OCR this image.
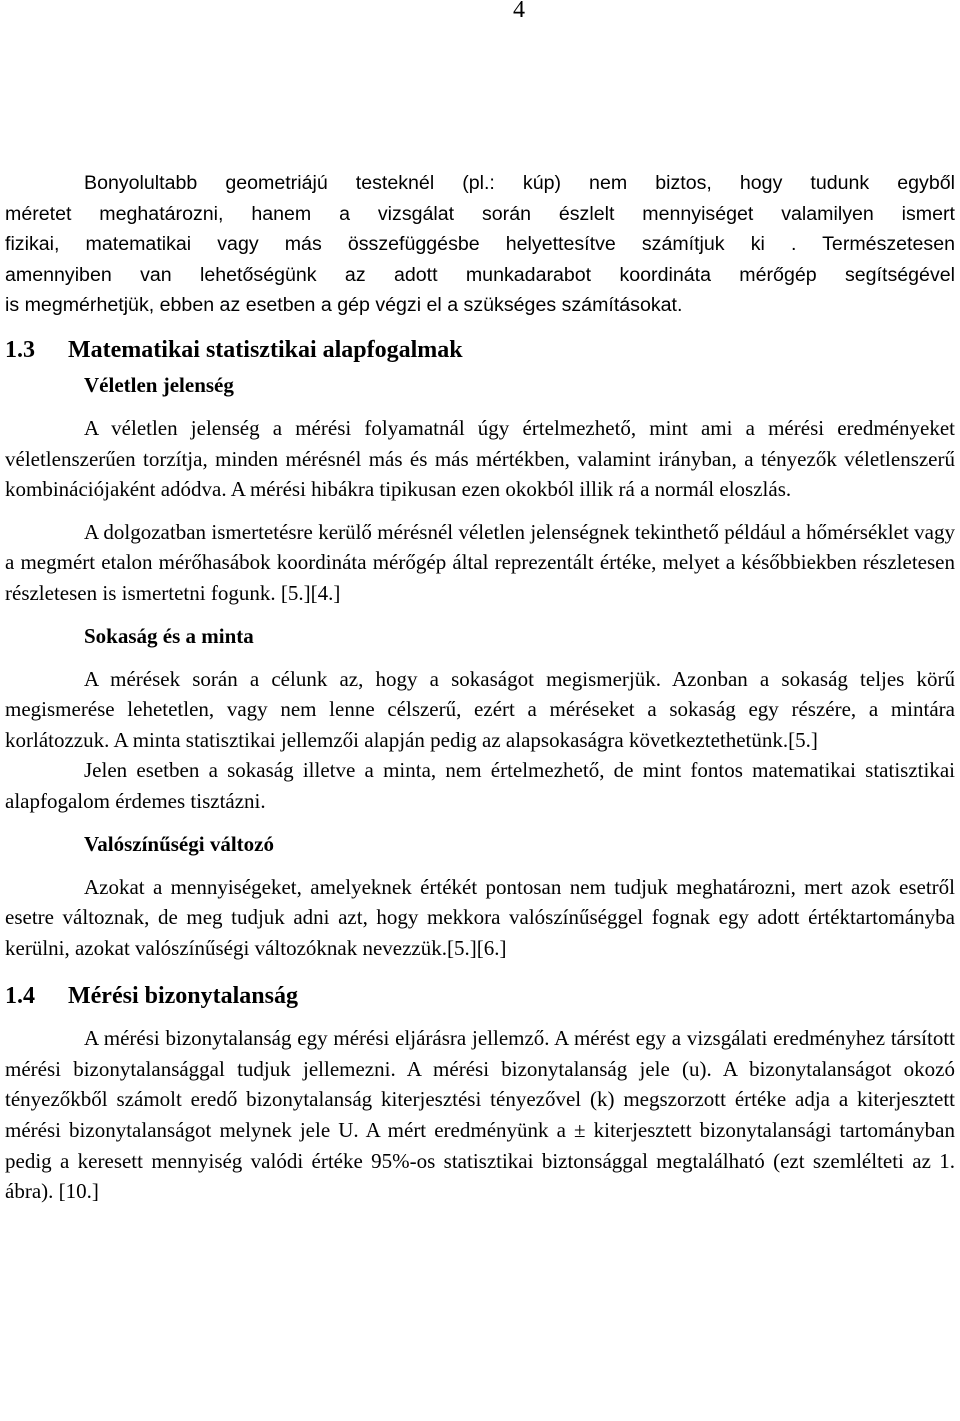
4

Bonyolultabb geometriájú testeknél (pl.: kúp) nem biztos, hogy tudunk egyből
méretet meghatározni, hanem a vizsgálat során észlelt mennyiséget valamilyen ismert
fizikai, matematikai vagy más összefüggésbe helyettesítve számítjuk ki . Természetesen
amennyiben van lehetőségünk az adott munkadarabot koordináta mérőgép segítségével
is megmérhetjük, ebben az esetben a gép végzi el a szükséges számításokat.

1.3 Matematikai statisztikai alapfogalmak
Véletlen jelenség

A véletlen jelenség a mérési folyamatnál úgy értelmezhető, mint ami a mérési eredményeket véletlenszerűen torzítja, minden mérésnél más és más mértékben, valamint irányban, a tényezők véletlenszerű kombinációjaként adódva. A mérési hibákra tipikusan ezen okokból illik rá a normál eloszlás.

A dolgozatban ismertetésre kerülő mérésnél véletlen jelenségnek tekinthető például a hőmérséklet vagy a megmért etalon mérőhasábok koordináta mérőgép által reprezentált értéke, melyet a későbbiekben részletesen részletesen is ismertetni fogunk. [5.][4.]

Sokaság és a minta

A mérések során a célunk az, hogy a sokaságot megismerjük. Azonban a sokaság teljes körű megismerése lehetetlen, vagy nem lenne célszerű, ezért a méréseket a sokaság egy részére, a mintára korlátozzuk. A minta statisztikai jellemzői alapján pedig az alapsokaságra következtethetünk.[5.]

Jelen esetben a sokaság illetve a minta, nem értelmezhető, de mint fontos matematikai statisztikai alapfogalom érdemes tisztázni.

Valószínűségi változó

Azokat a mennyiségeket, amelyeknek értékét pontosan nem tudjuk meghatározni, mert azok esetről esetre változnak, de meg tudjuk adni azt, hogy mekkora valószínűséggel fognak egy adott értéktartományba kerülni, azokat valószínűségi változóknak nevezzük.[5.][6.]

1.4 Mérési bizonytalanság

A mérési bizonytalanság egy mérési eljárásra jellemző. A mérést egy a vizsgálati eredményhez társított mérési bizonytalansággal tudjuk jellemezni. A mérési bizonytalanság jele (u). A bizonytalanságot okozó tényezőkből számolt eredő bizonytalanság kiterjesztési tényezővel (k) megszorzott értéke adja a kiterjesztett mérési bizonytalanságot melynek jele U. A mért eredményünk a ± kiterjesztett bizonytalansági tartományban pedig a keresett mennyiség valódi értéke 95%-os statisztikai biztonsággal megtalálható (ezt szemlélteti az 1. ábra). [10.]
